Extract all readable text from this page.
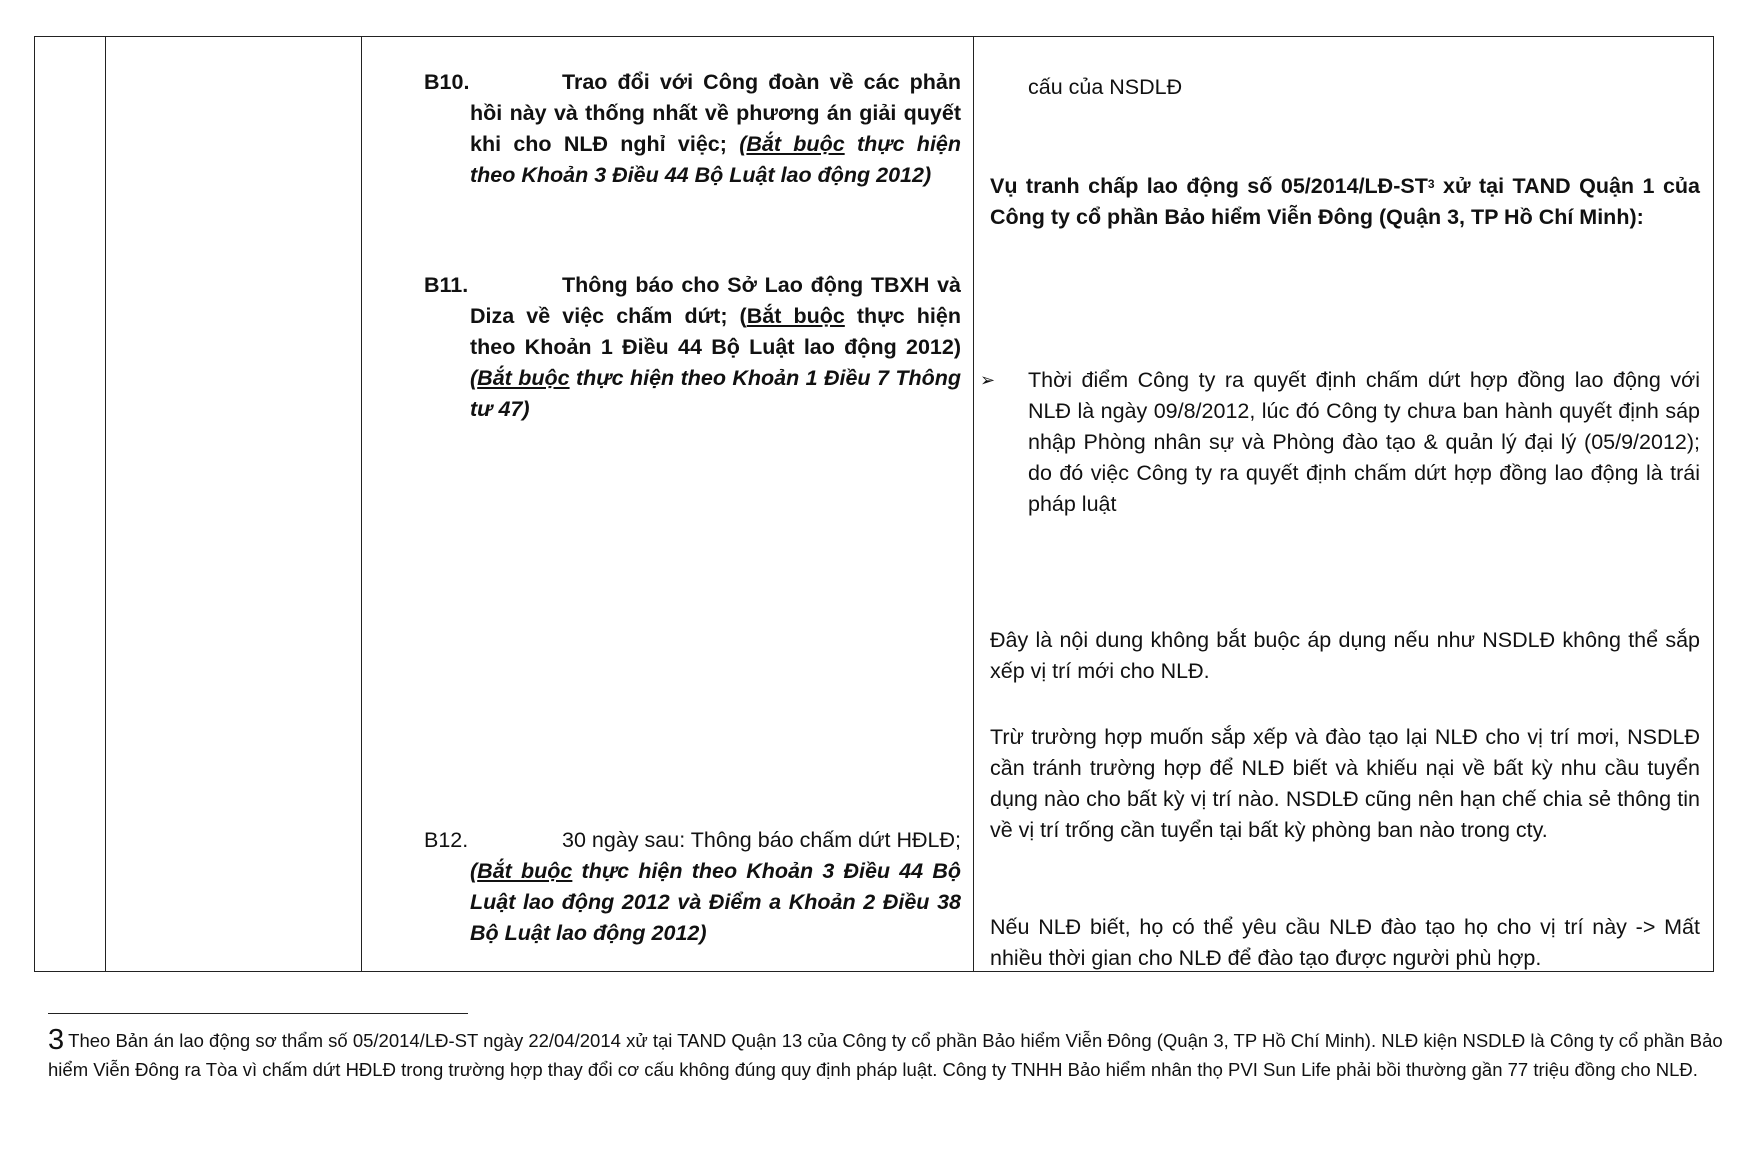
B10.	Trao đổi với Công đoàn về các phản hồi này và thống nhất về phương án giải quyết khi cho NLĐ nghỉ việc; (Bắt buộc thực hiện theo Khoản 3 Điều 44 Bộ Luật lao động 2012)
B11.	Thông báo cho Sở Lao động TBXH và Diza về việc chấm dứt; (Bắt buộc thực hiện theo Khoản 1 Điều 44 Bộ Luật lao động 2012) (Bắt buộc thực hiện theo Khoản 1 Điều 7 Thông tư 47)
B12.	30 ngày sau: Thông báo chấm dứt HĐLĐ; (Bắt buộc thực hiện theo Khoản 3 Điều 44 Bộ Luật lao động 2012 và Điểm a Khoản 2 Điều 38 Bộ Luật lao động 2012)
cấu của NSDLĐ
Vụ tranh chấp lao động số $05/2014/LĐ-ST^3$ xử tại TAND Quận 1 của Công ty cổ phần Bảo hiểm Viễn Đông (Quận 3, TP Hồ Chí Minh):
➢ Thời điểm Công ty ra quyết định chấm dứt hợp đồng lao động với NLĐ là ngày 09/8/2012, lúc đó Công ty chưa ban hành quyết định sáp nhập Phòng nhân sự và Phòng đào tạo & quản lý đại lý (05/9/2012); do đó việc Công ty ra quyết định chấm dứt hợp đồng lao động là trái pháp luật
Đây là nội dung không bắt buộc áp dụng nếu như NSDLĐ không thể sắp xếp vị trí mới cho NLĐ.
Trừ trường hợp muốn sắp xếp và đào tạo lại NLĐ cho vị trí mơi, NSDLĐ cần tránh trường hợp để NLĐ biết và khiếu nại về bất kỳ nhu cầu tuyển dụng nào cho bất kỳ vị trí nào. NSDLĐ cũng nên hạn chế chia sẻ thông tin về vị trí trống cần tuyển tại bất kỳ phòng ban nào trong cty.
Nếu NLĐ biết, họ có thể yêu cầu NLĐ đào tạo họ cho vị trí này -> Mất nhiều thời gian cho NLĐ để đào tạo được người phù hợp.
3 Theo Bản án lao động sơ thẩm số 05/2014/LĐ-ST ngày 22/04/2014 xử tại TAND Quận 13 của Công ty cổ phần Bảo hiểm Viễn Đông (Quận 3, TP Hồ Chí Minh). NLĐ kiện NSDLĐ là Công ty cổ phần Bảo hiểm Viễn Đông ra Tòa vì chấm dứt HĐLĐ trong trường hợp thay đổi cơ cấu không đúng quy định pháp luật. Công ty TNHH Bảo hiểm nhân thọ PVI Sun Life phải bồi thường gần 77 triệu đồng cho NLĐ.
